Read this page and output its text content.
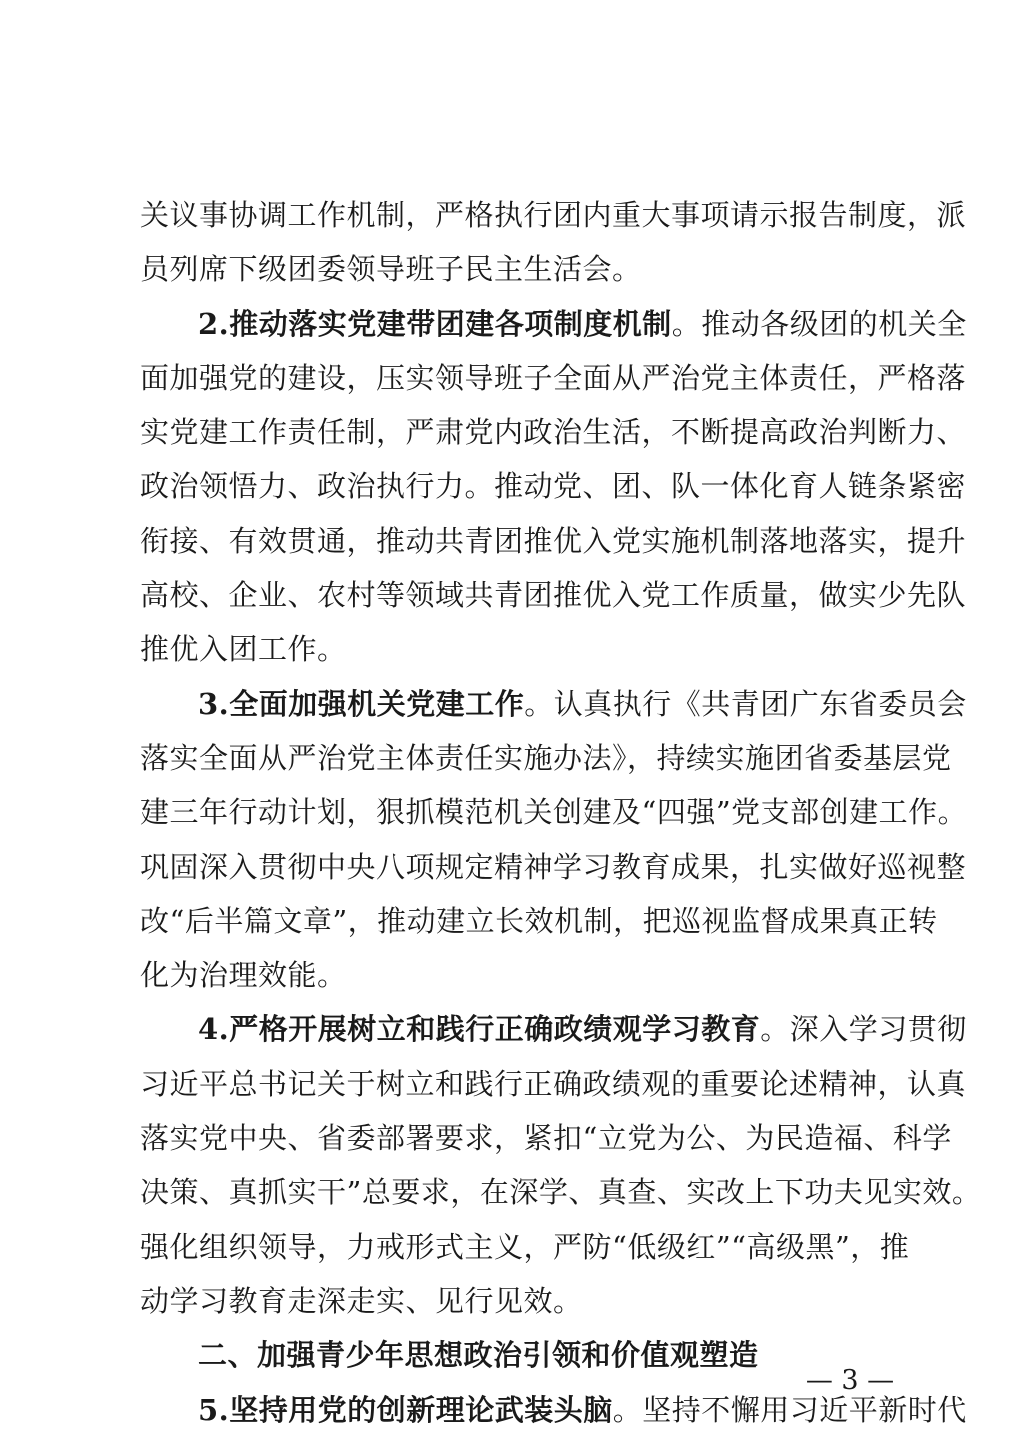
关议事协调工作机制，严格执行团内重大事项请示报告制度，派
员列席下级团委领导班子民主生活会。
2.推动落实党建带团建各项制度机制。推动各级团的机关全
面加强党的建设，压实领导班子全面从严治党主体责任，严格落
实党建工作责任制，严肃党内政治生活，不断提高政治判断力、
政治领悟力、政治执行力。推动党、团、队一体化育人链条紧密
衔接、有效贯通，推动共青团推优入党实施机制落地落实，提升
高校、企业、农村等领域共青团推优入党工作质量，做实少先队
推优入团工作。
3.全面加强机关党建工作。认真执行《共青团广东省委员会
落实全面从严治党主体责任实施办法》，持续实施团省委基层党
建三年行动计划，狠抓模范机关创建及“四强”党支部创建工作。
巩固深入贯彻中央八项规定精神学习教育成果，扎实做好巡视整
改“后半篇文章”，推动建立长效机制，把巡视监督成果真正转
化为治理效能。
4.严格开展树立和践行正确政绩观学习教育。深入学习贯彻
习近平总书记关于树立和践行正确政绩观的重要论述精神，认真
落实党中央、省委部署要求，紧扣“立党为公、为民造福、科学
决策、真抓实干”总要求，在深学、真查、实改上下功夫见实效。
强化组织领导，力戒形式主义，严防“低级红”“高级黑”，推
动学习教育走深走实、见行见效。
二、加强青少年思想政治引领和价值观塑造
5.坚持用党的创新理论武装头脑。坚持不懈用习近平新时代
— 3 —
